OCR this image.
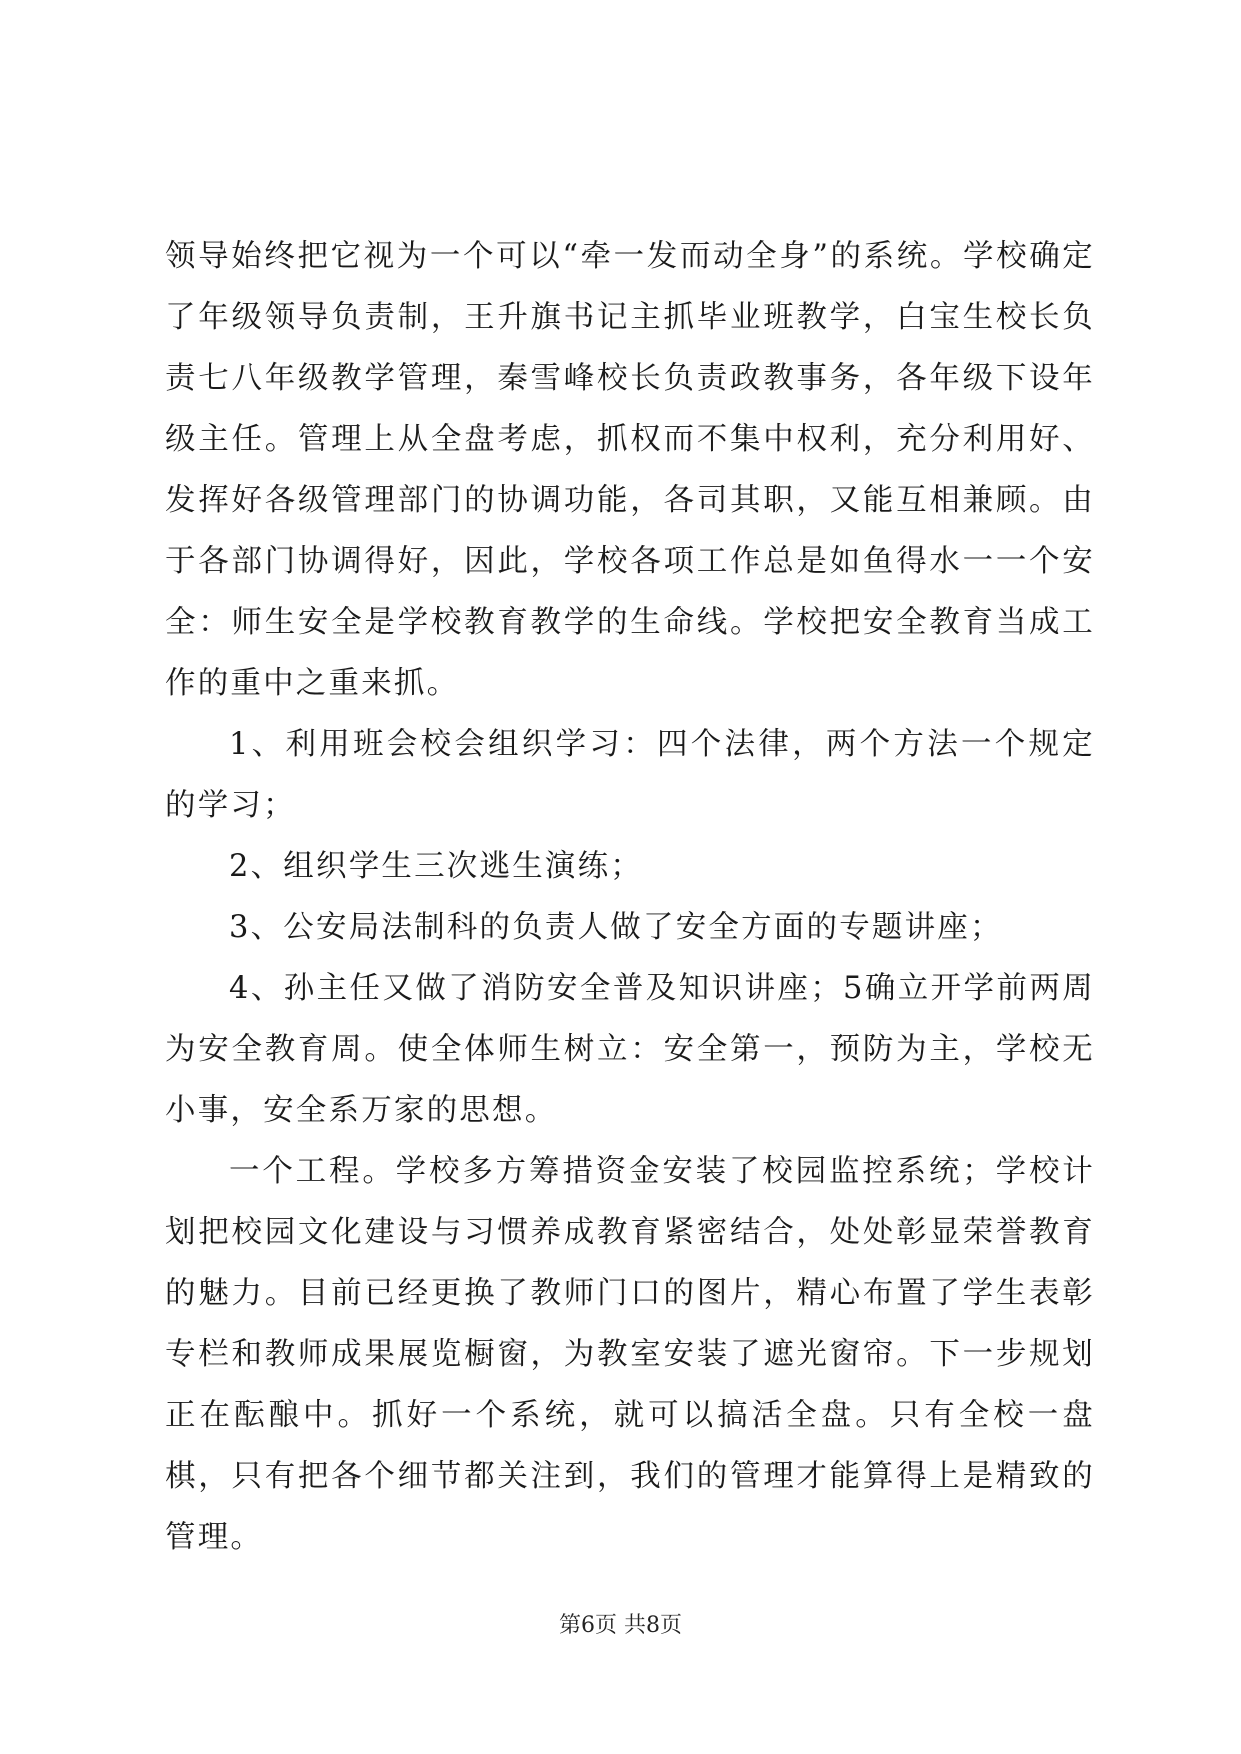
领导始终把它视为一个可以“牵一发而动全身”的系统。学校确定了年级领导负责制，王升旗书记主抓毕业班教学，白宝生校长负责七八年级教学管理，秦雪峰校长负责政教事务，各年级下设年级主任。管理上从全盘考虑，抓权而不集中权利，充分利用好、发挥好各级管理部门的协调功能，各司其职，又能互相兼顾。由于各部门协调得好，因此，学校各项工作总是如鱼得水一一个安全：师生安全是学校教育教学的生命线。学校把安全教育当成工作的重中之重来抓。

1、利用班会校会组织学习：四个法律，两个方法一个规定的学习；

2、组织学生三次逃生演练；

3、公安局法制科的负责人做了安全方面的专题讲座；

4、孙主任又做了消防安全普及知识讲座；5确立开学前两周为安全教育周。使全体师生树立：安全第一，预防为主，学校无小事，安全系万家的思想。

一个工程。学校多方筹措资金安装了校园监控系统；学校计划把校园文化建设与习惯养成教育紧密结合，处处彰显荣誉教育的魅力。目前已经更换了教师门口的图片，精心布置了学生表彰专栏和教师成果展览橱窗，为教室安装了遮光窗帘。下一步规划正在酝酿中。抓好一个系统，就可以搞活全盘。只有全校一盘棋，只有把各个细节都关注到，我们的管理才能算得上是精致的管理。

第6页 共8页
